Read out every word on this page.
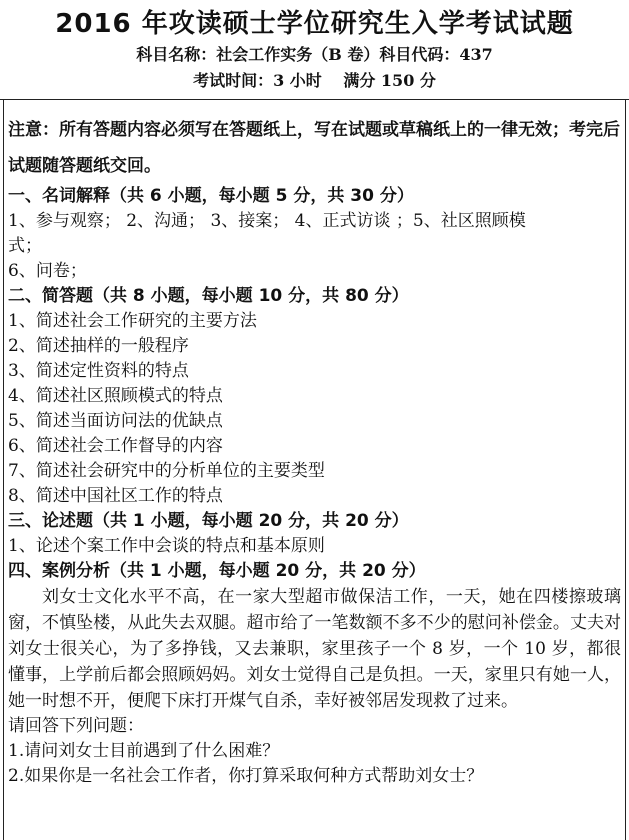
2016 年攻读硕士学位研究生入学考试试题
科目名称：社会工作实务（B 卷）科目代码：437
考试时间：3 小时　 满分 150 分
注意：所有答题内容必须写在答题纸上，写在试题或草稿纸上的一律无效；考完后试题随答题纸交回。
一、名词解释（共 6 小题，每小题 5 分，共 30 分）
1、参与观察； 2、沟通； 3、接案； 4、正式访谈 ；5、社区照顾模
式；
6、问卷；
二、简答题（共 8 小题，每小题 10 分，共 80 分）
1、简述社会工作研究的主要方法
2、简述抽样的一般程序
3、简述定性资料的特点
4、简述社区照顾模式的特点
5、简述当面访问法的优缺点
6、简述社会工作督导的内容
7、简述社会研究中的分析单位的主要类型
8、简述中国社区工作的特点
三、论述题（共 1 小题，每小题 20 分，共 20 分）
1、论述个案工作中会谈的特点和基本原则
四、案例分析（共 1 小题，每小题 20 分，共 20 分）
刘女士文化水平不高，在一家大型超市做保洁工作，一天，她在四楼擦玻璃窗，不慎坠楼，从此失去双腿。超市给了一笔数额不多不少的慰问补偿金。丈夫对刘女士很关心，为了多挣钱，又去兼职，家里孩子一个 8 岁，一个 10 岁，都很懂事，上学前后都会照顾妈妈。刘女士觉得自己是负担。一天，家里只有她一人，她一时想不开，便爬下床打开煤气自杀，幸好被邻居发现救了过来。
请回答下列问题：
1.请问刘女士目前遇到了什么困难？
2.如果你是一名社会工作者，你打算采取何种方式帮助刘女士？
